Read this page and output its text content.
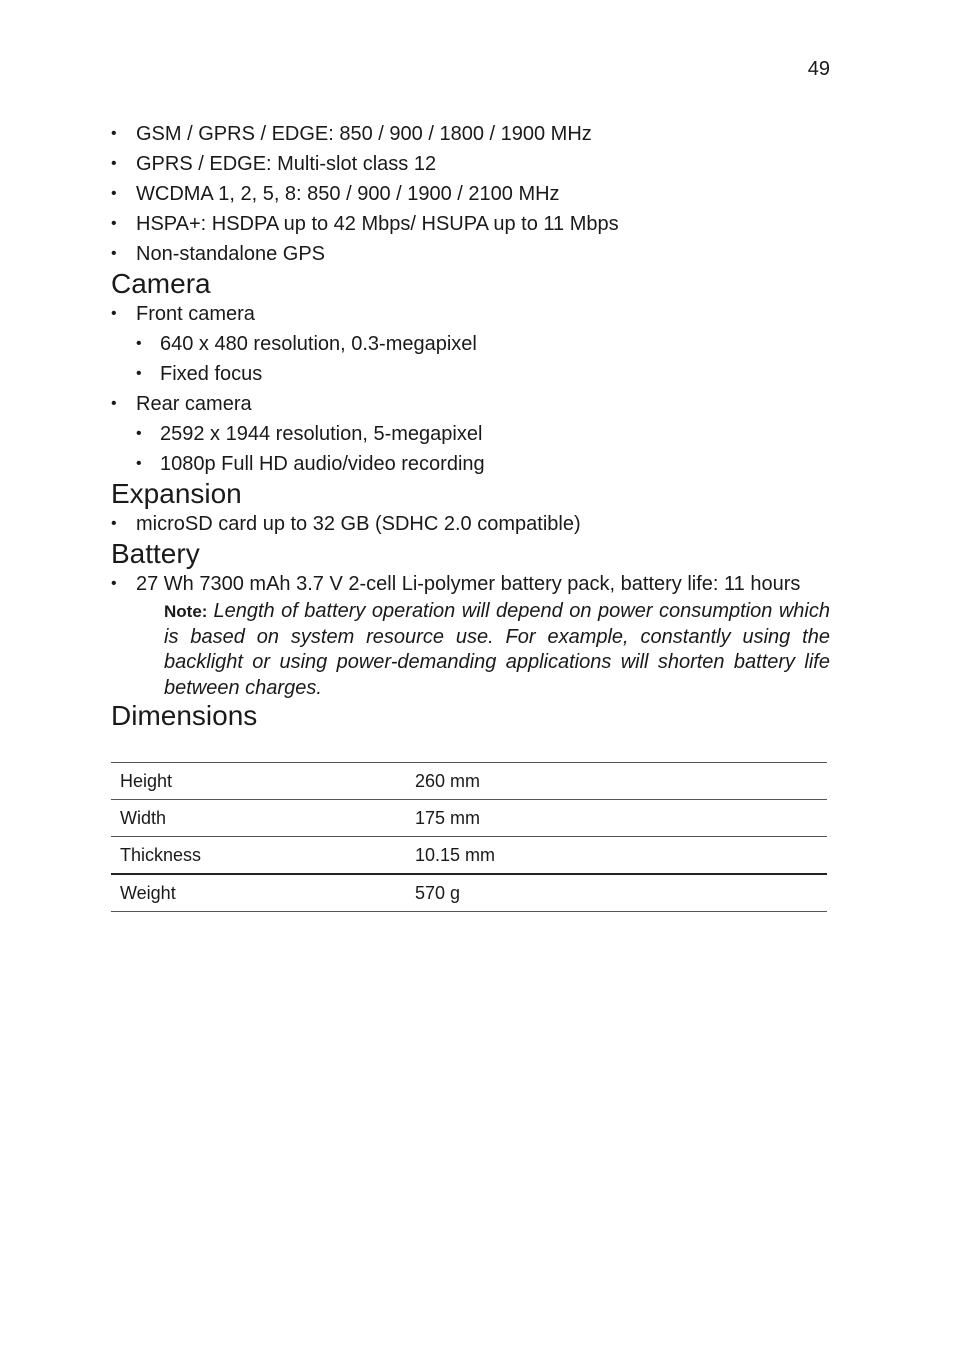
49
• GSM / GPRS / EDGE: 850 / 900 / 1800 / 1900 MHz
• GPRS / EDGE: Multi-slot class 12
• WCDMA 1, 2, 5, 8: 850 / 900 / 1900 / 2100 MHz
• HSPA+: HSDPA up to 42 Mbps/ HSUPA up to 11 Mbps
• Non-standalone GPS
Camera
• Front camera
• 640 x 480 resolution, 0.3-megapixel
• Fixed focus
• Rear camera
• 2592 x 1944 resolution, 5-megapixel
• 1080p Full HD audio/video recording
Expansion
• microSD card up to 32 GB (SDHC 2.0 compatible)
Battery
• 27 Wh 7300 mAh 3.7 V 2-cell Li-polymer battery pack, battery life: 11 hours

Note: Length of battery operation will depend on power consumption which is based on system resource use. For example, constantly using the backlight or using power-demanding applications will shorten battery life between charges.

Dimensions
Height	260 mm
Width	175 mm
Thickness	10.15 mm
Weight	570 g
